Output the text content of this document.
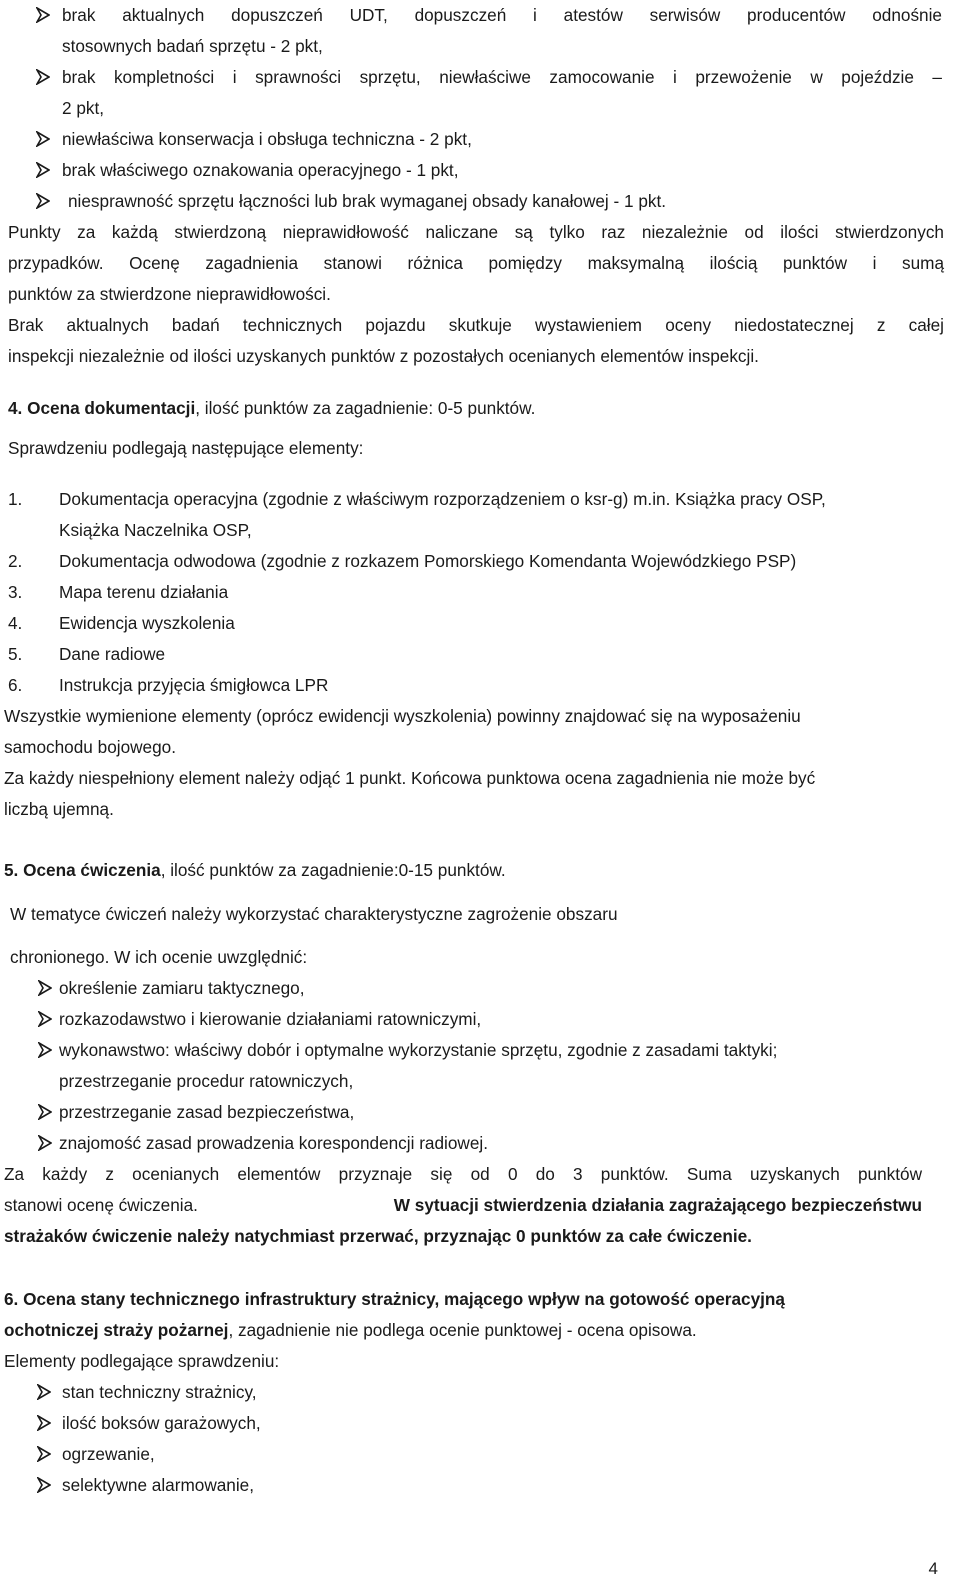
brak aktualnych dopuszczeń UDT, dopuszczeń i atestów serwisów producentów odnośnie
stosownych badań sprzętu - 2 pkt,
brak kompletności i sprawności sprzętu, niewłaściwe zamocowanie i przewożenie w pojeździe –
2 pkt,
niewłaściwa konserwacja i obsługa techniczna - 2 pkt,
brak właściwego oznakowania operacyjnego - 1 pkt,
niesprawność sprzętu łączności lub brak wymaganej obsady kanałowej - 1 pkt.
Punkty za każdą stwierdzoną nieprawidłowość naliczane są tylko raz niezależnie od ilości stwierdzonych
przypadków. Ocenę zagadnienia stanowi różnica pomiędzy maksymalną ilością punktów i sumą
punktów za stwierdzone nieprawidłowości.
Brak aktualnych badań technicznych pojazdu skutkuje wystawieniem oceny niedostatecznej z całej
inspekcji niezależnie od ilości uzyskanych punktów z pozostałych ocenianych elementów inspekcji.
4. Ocena dokumentacji, ilość punktów za zagadnienie: 0-5 punktów.
Sprawdzeniu podlegają następujące elementy:
1. Dokumentacja operacyjna (zgodnie z właściwym rozporządzeniem o ksr-g) m.in. Książka pracy OSP,
Książka Naczelnika OSP,
2. Dokumentacja odwodowa (zgodnie z rozkazem Pomorskiego Komendanta Wojewódzkiego PSP)
3. Mapa terenu działania
4. Ewidencja wyszkolenia
5. Dane radiowe
6. Instrukcja przyjęcia śmigłowca LPR
Wszystkie wymienione elementy (oprócz ewidencji wyszkolenia) powinny znajdować się na wyposażeniu
samochodu bojowego.
Za każdy niespełniony element należy odjąć 1 punkt. Końcowa punktowa ocena zagadnienia nie może być
liczbą ujemną.
5. Ocena ćwiczenia, ilość punktów za zagadnienie:0-15 punktów.
W tematyce ćwiczeń należy wykorzystać charakterystyczne zagrożenie obszaru
chronionego. W ich ocenie uwzględnić:
określenie zamiaru taktycznego,
rozkazodawstwo i kierowanie działaniami ratowniczymi,
wykonawstwo: właściwy dobór i optymalne wykorzystanie sprzętu, zgodnie z zasadami taktyki;
przestrzeganie procedur ratowniczych,
przestrzeganie zasad bezpieczeństwa,
znajomość zasad prowadzenia korespondencji radiowej.
Za każdy z ocenianych elementów przyznaje się od 0 do 3 punktów. Suma uzyskanych punktów
stanowi ocenę ćwiczenia.	W sytuacji stwierdzenia działania zagrażającego bezpieczeństwu
strażaków ćwiczenie należy natychmiast przerwać, przyznając 0 punktów za całe ćwiczenie.
6. Ocena stany technicznego infrastruktury strażnicy, mającego wpływ na gotowość operacyjną
ochotniczej straży pożarnej, zagadnienie nie podlega ocenie punktowej - ocena opisowa.
Elementy podlegające sprawdzeniu:
stan techniczny strażnicy,
ilość boksów garażowych,
ogrzewanie,
selektywne alarmowanie,
4
